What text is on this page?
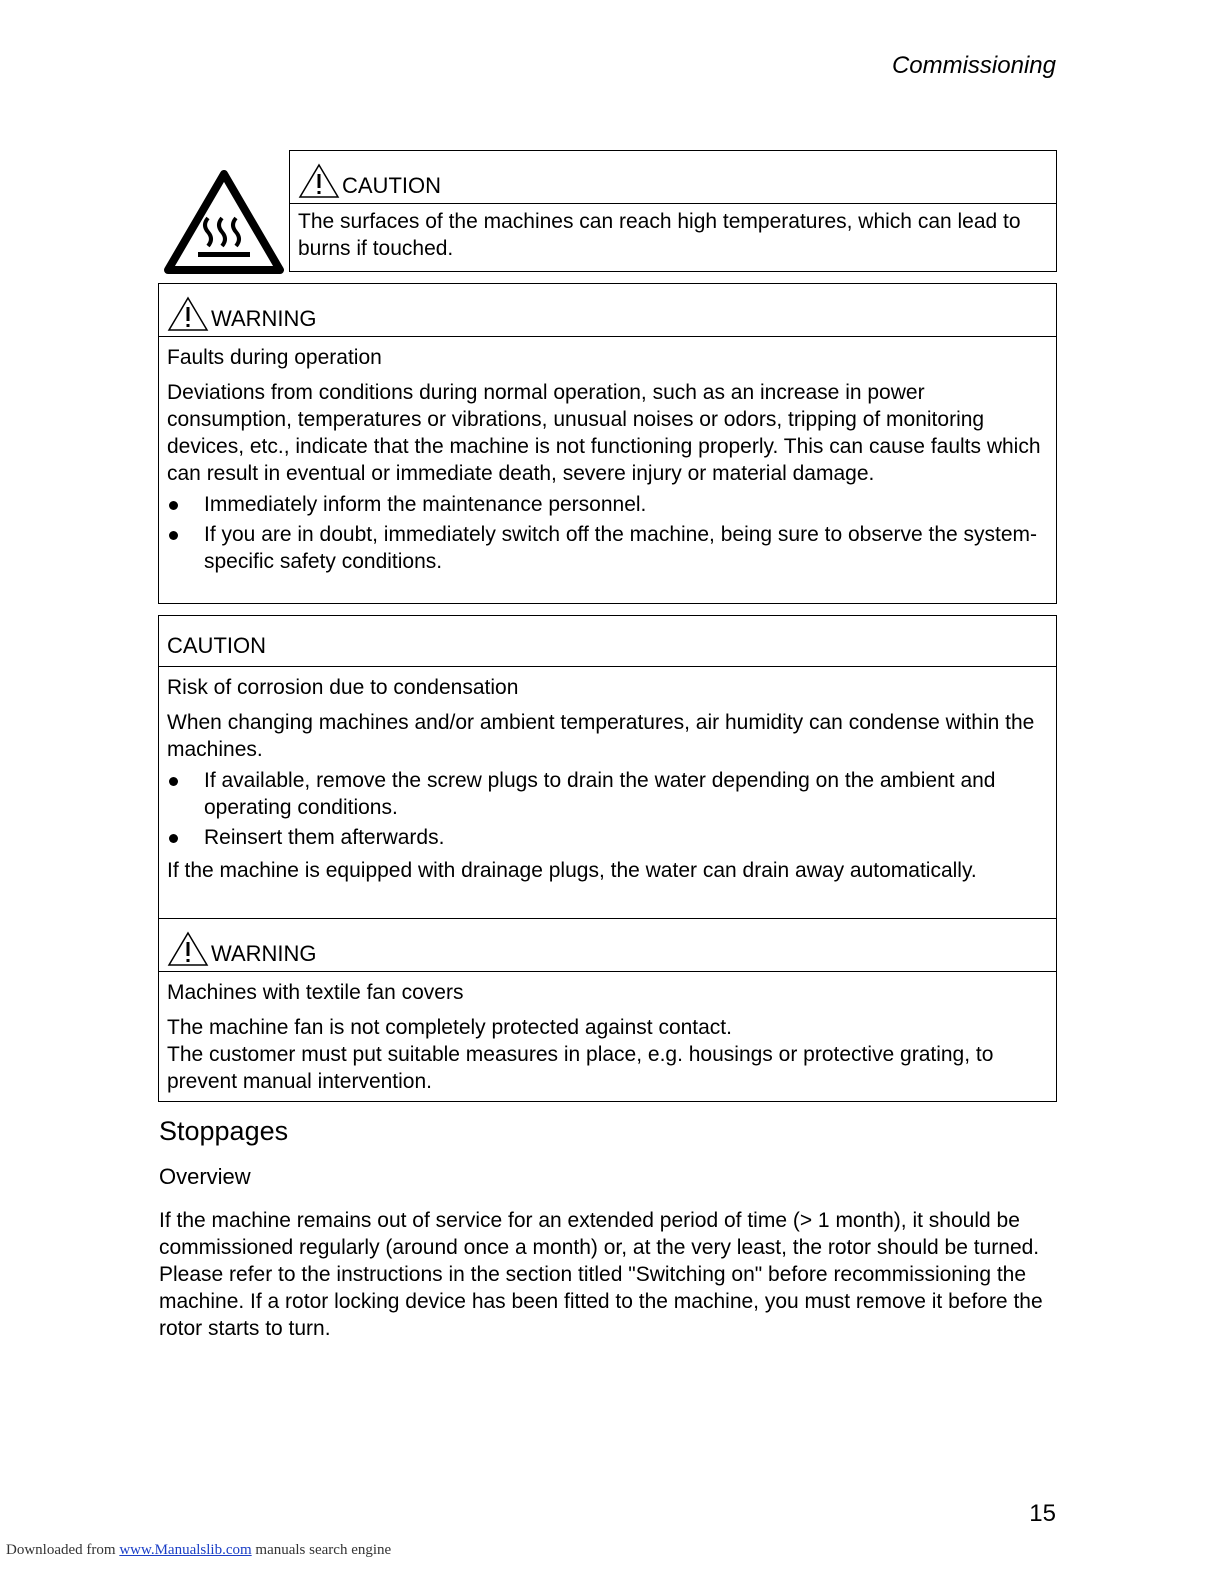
Commissioning
CAUTION

The surfaces of the machines can reach high temperatures, which can lead to burns if touched.

WARNING
Faults during operation

Deviations from conditions during normal operation, such as an increase in power consumption, temperatures or vibrations, unusual noises or odors, tripping of monitoring devices, etc., indicate that the machine is not functioning properly. This can cause faults which can result in eventual or immediate death, severe injury or material damage.

Immediately inform the maintenance personnel.
If you are in doubt, immediately switch off the machine, being sure to observe the system-specific safety conditions.
CAUTION
Risk of corrosion due to condensation

When changing machines and/or ambient temperatures, air humidity can condense within the machines.

If available, remove the screw plugs to drain the water depending on the ambient and operating conditions.
Reinsert them afterwards.

If the machine is equipped with drainage plugs, the water can drain away automatically.

WARNING
Machines with textile fan covers

The machine fan is not completely protected against contact.

The customer must put suitable measures in place, e.g. housings or protective grating, to prevent manual intervention.

Stoppages
Overview

If the machine remains out of service for an extended period of time (> 1 month), it should be commissioned regularly (around once a month) or, at the very least, the rotor should be turned. Please refer to the instructions in the section titled "Switching on" before recommissioning the machine. If a rotor locking device has been fitted to the machine, you must remove it before the rotor starts to turn.

15
Downloaded from www.Manualslib.com manuals search engine
